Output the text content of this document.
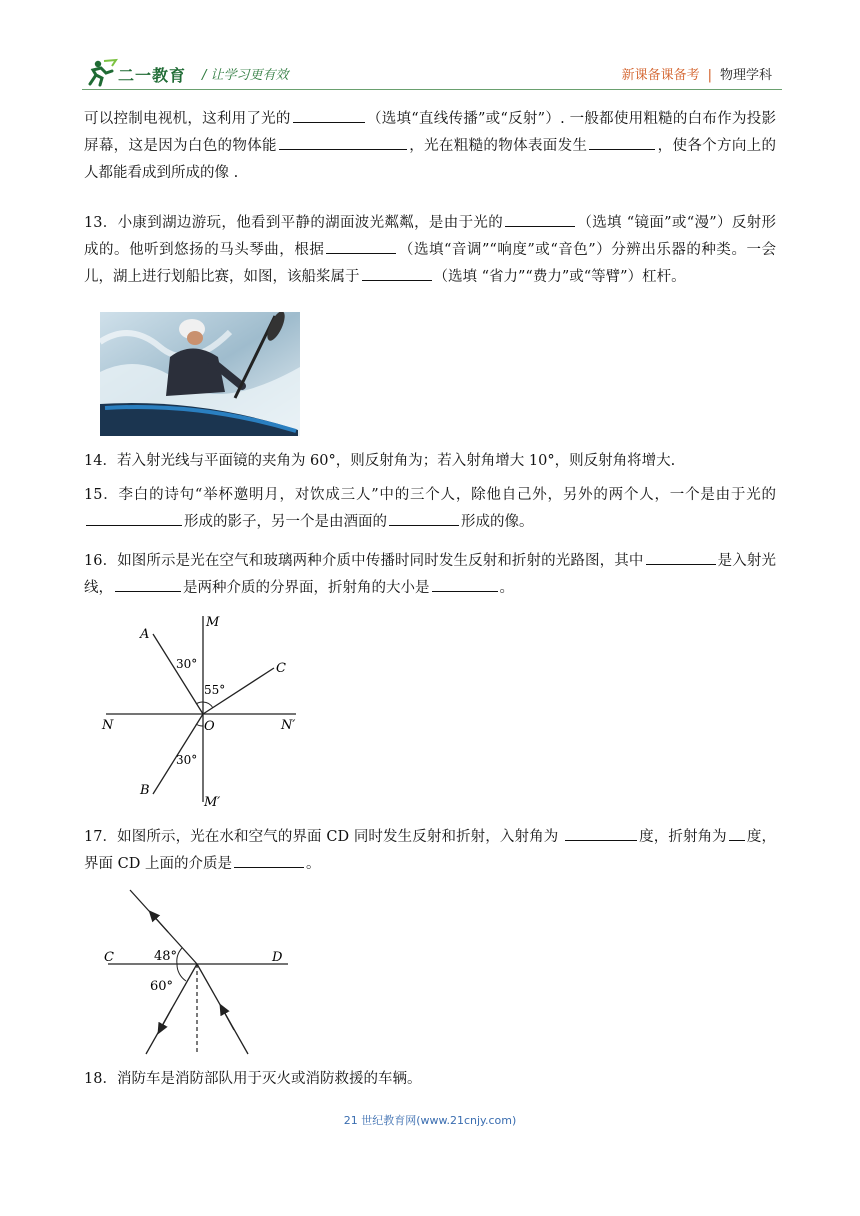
二一教育 / 让学习更有效	新课备课备考 | 物理学科
可以控制电视机，这利用了光的	（选填“直线传播”或“反射”）. 一般都使用粗糙的白布作为投影屏幕，这是因为白色的物体能	，光在粗糙的物体表面发生	，使各个方向上的人都能看成到所成的像 .
13．小康到湖边游玩，他看到平静的湖面波光粼粼，是由于光的	（选填 “镜面”或“漫”）反射形成的。他听到悠扬的马头琴曲，根据	（选填“音调”“响度”或“音色”）分辨出乐器的种类。一会儿，湖上进行划船比赛，如图，该船桨属于	（选填 “省力”“费力”或“等臂”）杠杆。
14．若入射光线与平面镜的夹角为 60°，则反射角为；若入射角增大 10°，则反射角将增大.
15．李白的诗句“举杯邀明月，对饮成三人”中的三个人，除他自己外，另外的两个人，一个是由于光的形成的影子，另一个是由酒面的	形成的像。
16．如图所示是光在空气和玻璃两种介质中传播时同时发生反射和折射的光路图，其中	是入射光线，	是两种介质的分界面，折射角的大小是	。
A
M
C
N	O	N′
B
M′
30°
55°
30°
17．如图所示，光在水和空气的界面 CD 同时发生反射和折射，入射角为	度，折射角为 度，界面 CD 上面的介质是	。
C	D
48°
60°
18．消防车是消防部队用于灭火或消防救援的车辆。
21 世纪教育网(www.21cnjy.com)
